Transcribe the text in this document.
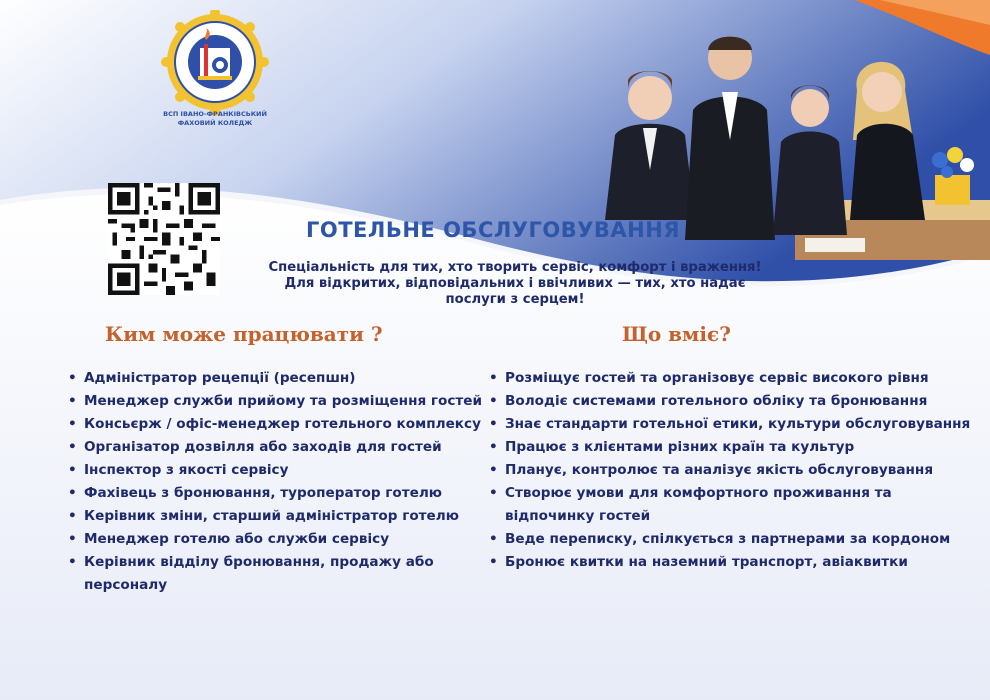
ВСП ІВАНО-ФРАНКІВСЬКИЙ
ФАХОВИЙ КОЛЕДЖ
ГОТЕЛЬНЕ ОБСЛУГОВУВАННЯ
Спеціальність для тих, хто творить сервіс, комфорт і враження!
Для відкритих, відповідальних і ввічливих — тих, хто надає
послуги з серцем!
Ким може працювати ?	Що вміє?
• Адміністратор рецепції (ресепшн)
• Менеджер служби прийому та розміщення гостей
• Консьєрж / офіс-менеджер готельного комплексу
• Організатор дозвілля або заходів для гостей
• Інспектор з якості сервісу
• Фахівець з бронювання, туроператор готелю
• Керівник зміни, старший адміністратор готелю
• Менеджер готелю або служби сервісу
• Керівник відділу бронювання, продажу або персоналу
• Розміщує гостей та організовує сервіс високого рівня
• Володіє системами готельного обліку та бронювання
• Знає стандарти готельної етики, культури обслуговування
• Працює з клієнтами різних країн та культур
• Планує, контролює та аналізує якість обслуговування
• Створює умови для комфортного проживання та відпочинку гостей
• Веде переписку, спілкується з партнерами за кордоном
• Бронює квитки на наземний транспорт, авіаквитки
